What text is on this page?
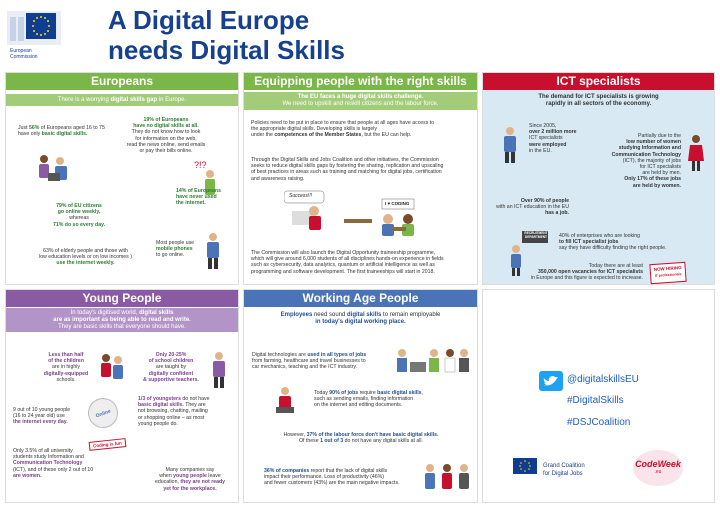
European
Commission
A Digital Europe
needs Digital Skills
Europeans
There is a worrying digital skills gap in Europe.
Just 56% of Europeans aged 16 to 75
have only basic digital skills.
19% of Europeans
have no digital skills at all.
They do not know how to look
for information on the web,
read the news online, send emails
or pay their bills online.
?!?
14% of Europeans
have never used
the internet.
79% of EU citizens
go online weekly,
whereas
71% do so every day.
63% of elderly people and those with
low education levels or on low incomes )
use the internet weekly.
Most people use
mobile phones
to go online.
Equipping people with the right skills
The EU faces a huge digital skills challenge.
We need to upskill and reskill citizens and the labour force.
Policies need to be put in place to ensure that people at all ages have access to
the appropriate digital skills. Developing skills is largely
under the competences of the Member States, but the EU can help.
Through the Digital Skills and Jobs Coalition and other initiatives, the Commission
seeks to reduce digital skills gaps by fostering the sharing, replication and upscaling
of best practices in areas such as training and matching for digital jobs, certification
and awareness raising.
Success!!!
I ♥ CODING
The Commission will also launch the Digital Opportunity traineeship programme,
which will give around 6,000 students of all disciplines hands-on experience in fields
such as cybersecurity, data analytics, quantum or artificial intelligence as well as
programming and software development. The first traineeships will start in 2018.
ICT specialists
The demand for ICT specialists is growing
rapidly in all sectors of the economy.
Since 2005,
over 2 million more
ICT specialists
were employed
in the EU.
Partially due to the
low number of women
studying Information and
Communication Technology
(ICT), the majority of jobs
for ICT specialists
are held by men.
Only 17% of these jobs
are held by women.
Over 90% of people
with an ICT education in the EU
has a job.
RECRUITMENT
DEPARTMENT	40% of enterprises who are looking
to fill ICT specialist jobs
say they have difficulty finding the right people.
Today there are at least
350,000 open vacancies for ICT specialists
in Europe and this figure is expected to increase.
NOW HIRING
IT professionals
Young People
In today's digitised world, digital skills
are as important as being able to read and write.
They are basic skills that everyone should have.
Less than half
of the children
are in highly
digitally-equipped
schools.
Only 20-25%
of school children
are taught by
digitally confident
& supportive teachers.
9 out of 10 young people
(16 to 24 year old) use
the internet every day.
Online
1/3 of youngsters do not have
basic digital skills. They are
not browsing, chatting, mailing
or shopping online – as most
young people do.
Coding is fun
Only 3.5% of all university
students study Information and
Communication Technology
(ICT), and of these only 2 out of 10
are women.
Many companies say
when young people leave
education, they are not ready
yet for the workplace.
Working Age People
Employees need sound digital skills to remain employable
in today's digital working place.
Digital technologies are used in all types of jobs
from farming, healthcare and travel businesses to
car mechanics, teaching and the ICT industry.
Today 90% of jobs require basic digital skills,
such as sending emails, finding information
on the internet and editing documents.
However, 37% of the labour force don't have basic digital skills.
Of these 1 out of 3 do not have any digital skills at all.
36% of companies report that the lack of digital skills
impact their performance. Loss of productivity (46%)
and fewer customers (43%) are the main negative impacts.
@digitalskillsEU
#DigitalSkills
#DSJCoalition
Grand Coalition
for Digital Jobs
CodeWeek
.eu
